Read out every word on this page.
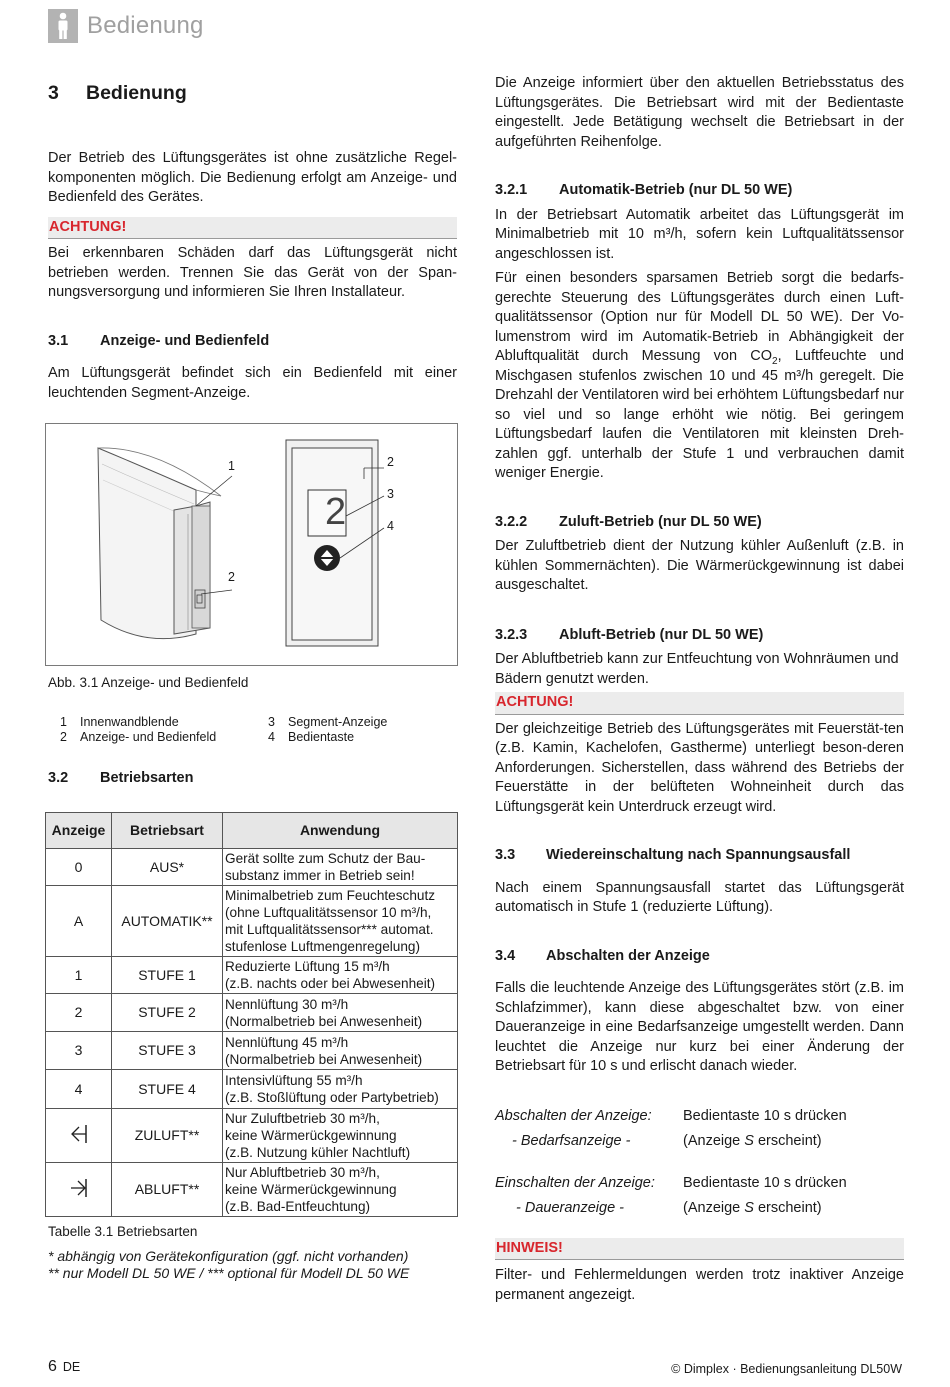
Bedienung
3	Bedienung

Der Betrieb des Lüftungsgerätes ist ohne zusätzliche Regel-komponenten möglich. Die Bedienung erfolgt am Anzeige- und Bedienfeld des Gerätes.

ACHTUNG!

Bei erkennbaren Schäden darf das Lüftungsgerät nicht betrieben werden. Trennen Sie das Gerät von der Span-nungsversorgung und informieren Sie Ihren Installateur.

3.1	Anzeige- und Bedienfeld

Am Lüftungsgerät befindet sich ein Bedienfeld mit einer leuchtenden Segment-Anzeige.

2
1
2
2
3
4
Abb. 3.1 Anzeige- und Bedienfeld
1	Innenwandblende	3	Segment-Anzeige
2	Anzeige- und Bedienfeld	4	Bedientaste
3.2	Betriebsarten
Anzeige	Betriebsart	Anwendung
0	AUS*	Gerät sollte zum Schutz der Bau-
substanz immer in Betrieb sein!

A	AUTOMATIK**	Minimalbetrieb zum Feuchteschutz
(ohne Luftqualitätssensor 10 m³/h,
mit Luftqualitätssensor*** automat.
stufenlose Luftmengenregelung)

1	STUFE 1	Reduzierte Lüftung 15 m³/h
(z.B. nachts oder bei Abwesenheit)

2	STUFE 2	Nennlüftung 30 m³/h
(Normalbetrieb bei Anwesenheit)

3	STUFE 3	Nennlüftung 45 m³/h
(Normalbetrieb bei Anwesenheit)

4	STUFE 4	Intensivlüftung 55 m³/h
(z.B. Stoßlüftung oder Partybetrieb)

	ZULUFT**	Nur Zuluftbetrieb 30 m³/h,
keine Wärmerückgewinnung
(z.B. Nutzung kühler Nachtluft)

	ABLUFT**	Nur Abluftbetrieb 30 m³/h,
keine Wärmerückgewinnung
(z.B. Bad-Entfeuchtung)
Tabelle 3.1 Betriebsarten
* abhängig von Gerätekonfiguration (ggf. nicht vorhanden)
** nur Modell DL 50 WE / *** optional für Modell DL 50 WE

Die Anzeige informiert über den aktuellen Betriebsstatus des Lüftungsgerätes. Die Betriebsart wird mit der Bedientaste eingestellt. Jede Betätigung wechselt die Betriebsart in der aufgeführten Reihenfolge.

3.2.1	Automatik-Betrieb (nur DL 50 WE)

In der Betriebsart Automatik arbeitet das Lüftungsgerät im Minimalbetrieb mit 10 m³/h, sofern kein Luftqualitätssensor angeschlossen ist.

Für einen besonders sparsamen Betrieb sorgt die bedarfs-gerechte Steuerung des Lüftungsgerätes durch einen Luft-qualitätssensor (Option nur für Modell DL 50 WE). Der Vo-lumenstrom wird im Automatik-Betrieb in Abhängigkeit der Abluftqualität durch Messung von $CO_2$, Luftfeuchte und Mischgasen stufenlos zwischen 10 und 45 m³/h geregelt. Die Drehzahl der Ventilatoren wird bei erhöhtem Lüftungsbedarf nur so viel und so lange erhöht wie nötig. Bei geringem Lüftungsbedarf laufen die Ventilatoren mit kleinsten Dreh-zahlen ggf. unterhalb der Stufe 1 und verbrauchen damit weniger Energie.

3.2.2	Zuluft-Betrieb (nur DL 50 WE)

Der Zuluftbetrieb dient der Nutzung kühler Außenluft (z.B. in kühlen Sommernächten). Die Wärmerückgewinnung ist dabei ausgeschaltet.

3.2.3	Abluft-Betrieb (nur DL 50 WE)

Der Abluftbetrieb kann zur Entfeuchtung von Wohnräumen und Bädern genutzt werden.

ACHTUNG!

Der gleichzeitige Betrieb des Lüftungsgerätes mit Feuerstät-ten (z.B. Kamin, Kachelofen, Gastherme) unterliegt beson-deren Anforderungen. Sicherstellen, dass während des Betriebs der Feuerstätte in der belüfteten Wohneinheit durch das Lüftungsgerät kein Unterdruck erzeugt wird.

3.3	Wiedereinschaltung nach Spannungsausfall

Nach einem Spannungsausfall startet das Lüftungsgerät automatisch in Stufe 1 (reduzierte Lüftung).

3.4	Abschalten der Anzeige

Falls die leuchtende Anzeige des Lüftungsgerätes stört (z.B. im Schlafzimmer), kann diese abgeschaltet bzw. von einer Daueranzeige in eine Bedarfsanzeige umgestellt werden. Dann leuchtet die Anzeige nur kurz bei einer Änderung der Betriebsart für 10 s und erlischt danach wieder.

Abschalten der Anzeige:	Bedientaste 10 s drücken
- Bedarfsanzeige -	(Anzeige S erscheint)
Einschalten der Anzeige:	Bedientaste 10 s drücken
- Daueranzeige -	(Anzeige S erscheint)
HINWEIS!

Filter- und Fehlermeldungen werden trotz inaktiver Anzeige permanent angezeigt.

6 DE	© Dimplex · Bedienungsanleitung DL50W
